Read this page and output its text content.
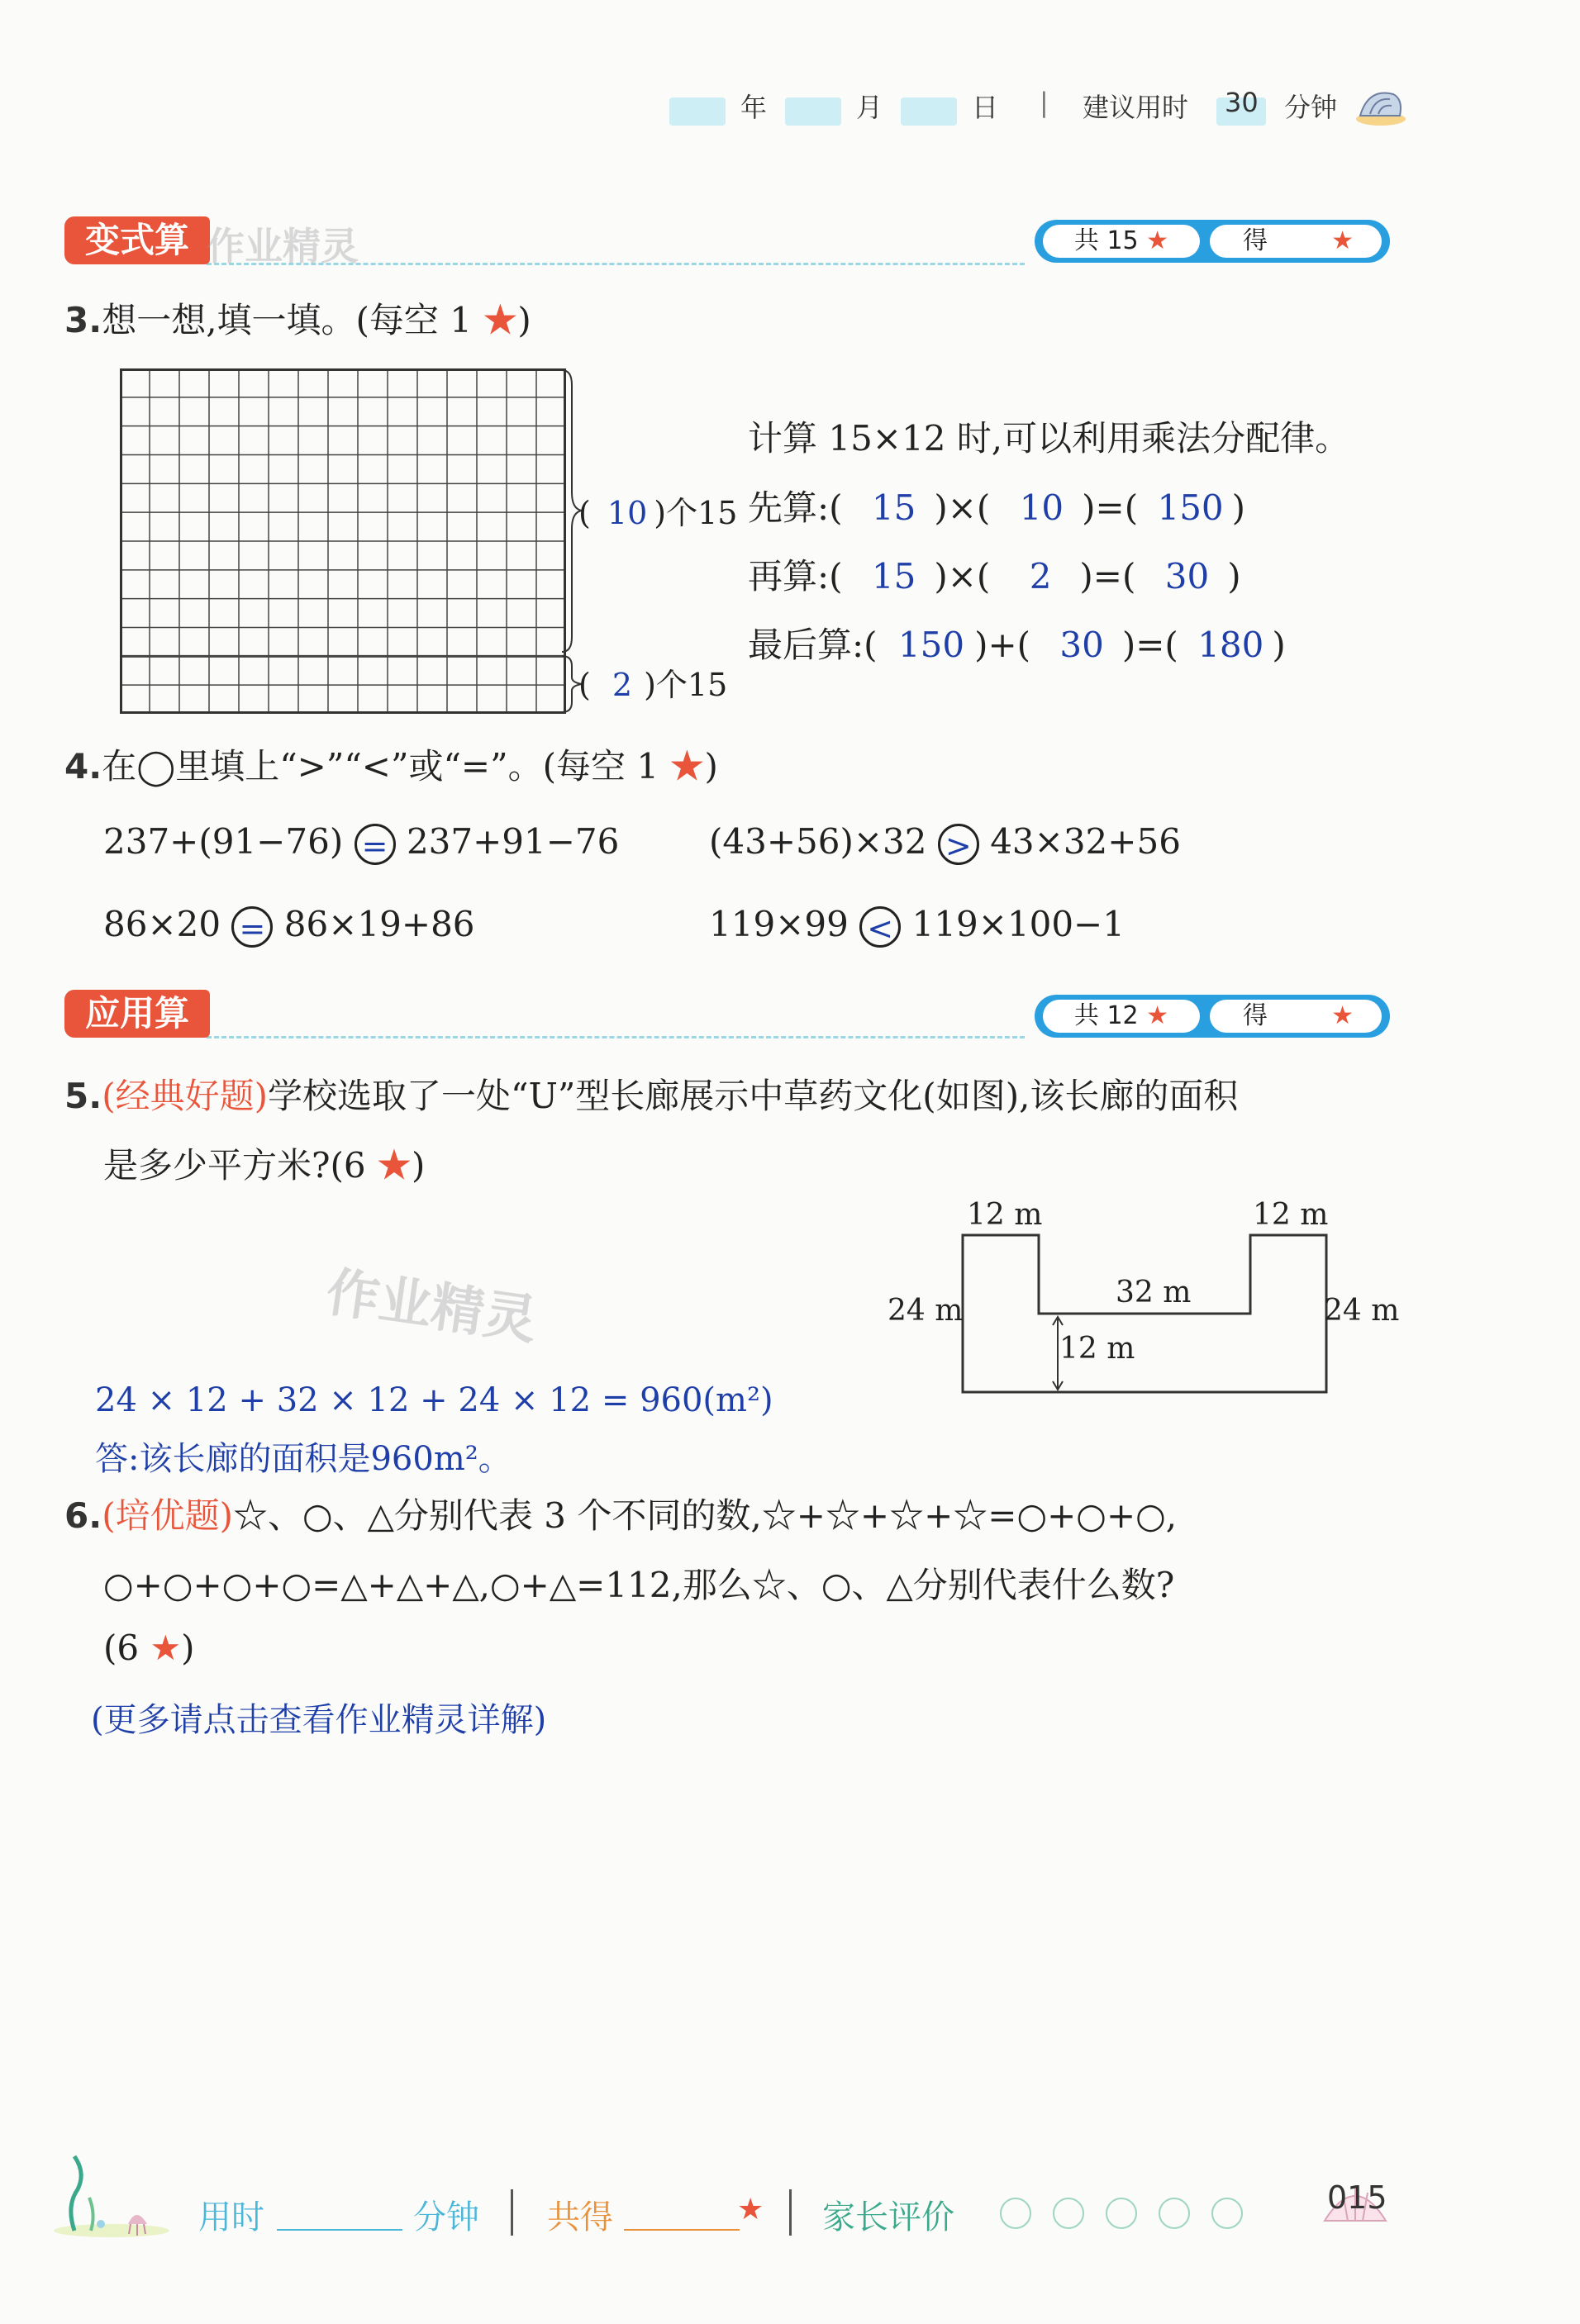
年	月	日 | 建议用时 30 分钟
变式算 作业精灵	共 15 ★	得	★
3.想一想,填一填。(每空 1 ★)
( 10 )个15
( 2 )个15
计算 15×12 时,可以利用乘法分配律。
先算:( 15 )×( 10 )=( 150 )
再算:( 15 )×( 2 )=( 30 )
最后算:( 150 )+( 30 )=( 180 )
4.在◯里填上“>”“<”或“=”。(每空 1 ★)
237+(91−76) = 237+91−76	(43+56)×32 > 43×32+56
86×20 = 86×19+86	119×99 < 119×100−1
应用算	共 12 ★	得	★
5.(经典好题)学校选取了一处“U”型长廊展示中草药文化(如图),该长廊的面积
是多少平方米?(6 ★)
作业精灵
12 m	12 m
32 m
24 m	24 m
12 m
24 × 12 + 32 × 12 + 24 × 12 = 960(m²)
答:该长廊的面积是960m²。
6.(培优题)☆、○、△分别代表 3 个不同的数,☆+☆+☆+☆=○+○+○,
○+○+○+○=△+△+△,○+△=112,那么☆、○、△分别代表什么数?
(6 ★)
(更多请点击查看作业精灵详解)
用时	分钟 共得	★ 家长评价
015
